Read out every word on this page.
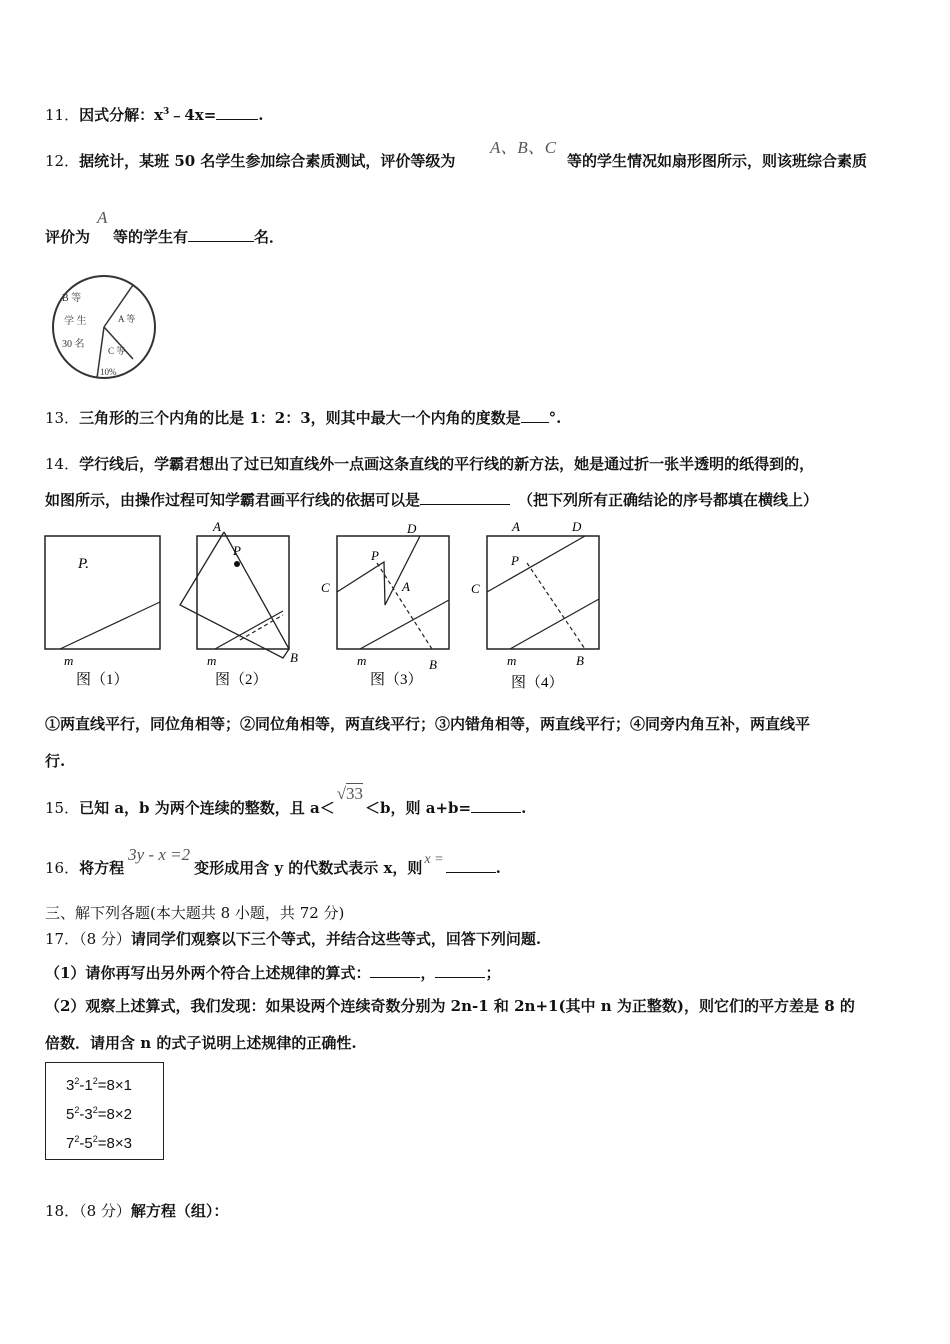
11．因式分解：$x^3﹣4x=$	.
12．据统计，某班 50 名学生参加综合素质测试，评价等级为
A、B、C
等的学生情况如扇形图所示，则该班综合素质
评价为
A
等的学生有	名．
B 等
学 生
30 名
A 等
C 等
10%
13．三角形的三个内角的比是 1：2：3，则其中最大一个内角的度数是 °.
14．学行线后，学霸君想出了过已知直线外一点画这条直线的平行线的新方法，她是通过折一张半透明的纸得到的，
如图所示，由操作过程可知学霸君画平行线的依据可以是	（把下列所有正确结论的序号都填在横线上）
P.
m
图（1）
A
P
m	B
图（2）
D
P
C	A
m	B
图（3）
A	D
P
C
m	B
图（4）
①两直线平行，同位角相等；②同位角相等，两直线平行；③内错角相等，两直线平行；④同旁内角互补，两直线平
行.
15．已知 a，b 为两个连续的整数，且 a＜√33＜b，则 a+b=	.
16．将方程3y - x =2变形成用含 y 的代数式表示 x，则 x =	.
三、解下列各题(本大题共 8 小题，共 72 分)
17．（8 分）请同学们观察以下三个等式，并结合这些等式，回答下列问题.
（1）请你再写出另外两个符合上述规律的算式：	，	；
（2）观察上述算式，我们发现：如果设两个连续奇数分别为 2n-1 和 2n+1(其中 n 为正整数)，则它们的平方差是 8 的
倍数．请用含 n 的式子说明上述规律的正确性.
$3^2-1^2=8\times 1$
$5^2-3^2=8\times 2$
$7^2-5^2=8\times 3$
18．（8 分）解方程（组）：
